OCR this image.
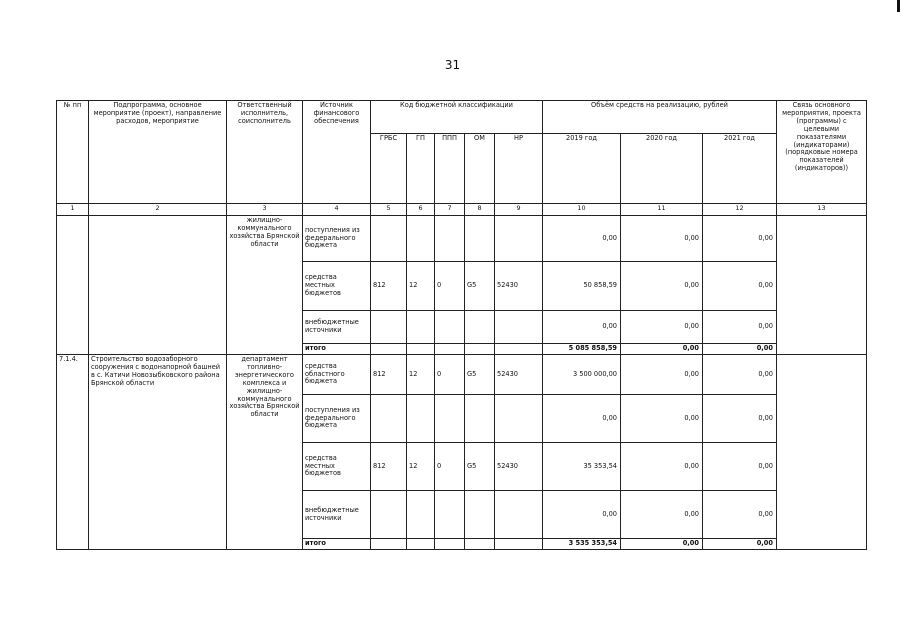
31
№ пп	Подпрограмма, основное мероприятие (проект), направление расходов, мероприятие	Ответственный исполнитель, соисполнитель	Источник финансового обеспечения	Код бюджетной классификации					Объём средств на реализацию, рублей			Связь основного мероприятия, проекта (программы) с целевыми показателями (индикаторами) (порядковые номера показателей (индикаторов))
				ГРБС	ГП	ППП	ОМ	НР	2019 год	2020 год	2021 год	
1	2	3	4	5	6	7	8	9	10	11	12	13
		жилищно-коммунального хозяйства Брянской области	поступления из федерального бюджета						0,00	0,00	0,00	
			средства местных бюджетов	812	12	0	G5	52430	50 858,59	0,00	0,00	
			внебюджетные источники						0,00	0,00	0,00	
			итого						5 085 858,59	0,00	0,00	
7.1.4.	Строительство водозаборного сооружения с водонапорной башней в с. Катичи Новозыбковского района Брянской области	департамент топливно-энергетического комплекса и жилищно-коммунального хозяйства Брянской области	средства областного бюджета	812	12	0	G5	52430	3 500 000,00	0,00	0,00	
			поступления из федерального бюджета						0,00	0,00	0,00	
			средства местных бюджетов	812	12	0	G5	52430	35 353,54	0,00	0,00	
			внебюджетные источники						0,00	0,00	0,00	
			итого						3 535 353,54	0,00	0,00	
